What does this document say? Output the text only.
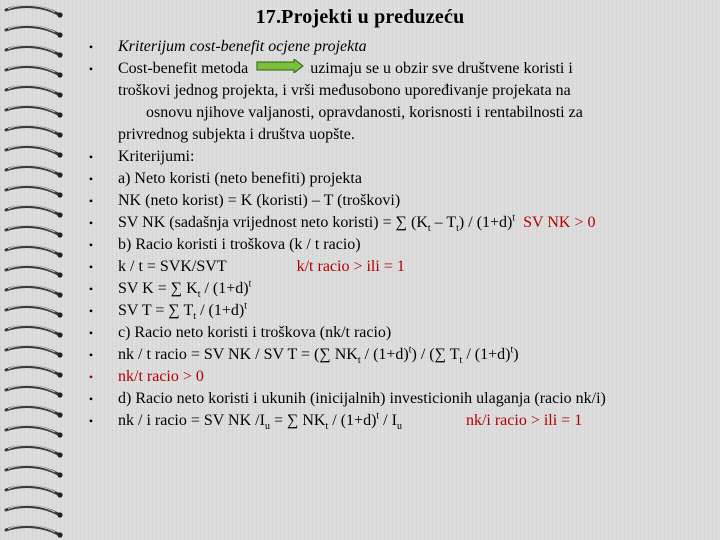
17.Projekti u preduzeću
•	Kriterijum cost-benefit ocjene projekta
•	Cost-benefit metoda	uzimaju se u obzir sve društvene koristi i
troškovi jednog projekta, i vrši međusobono upoređivanje projekata na
osnovu njihove valjanosti, opravdanosti, korisnosti i rentabilnosti za
privrednog subjekta i društva uopšte.
•	Kriterijumi:
•	a) Neto koristi (neto benefiti) projekta
•	NK (neto korist) = K (koristi) – T (troškovi)
•	SV NK (sadašnja vrijednost neto koristi) = ∑ $(K_t - T_t) / (1+d)^t$ SV NK > 0
•	b) Racio koristi i troškova (k / t racio)
•	k / t = SVK/SVT	k/t racio > ili = 1
•	SV K = ∑ $K_t / (1+d)^t$
•	SV T = ∑ $T_t / (1+d)^t$
•	c) Racio neto koristi i troškova (nk/t racio)
•	nk / t racio = SV NK / SV T = (∑ $NK_t / (1+d)^t$) / (∑ $T_t / (1+d)^t$)
•	nk/t racio > 0
•	d) Racio neto koristi i ukunih (inicijalnih) investicionih ulaganja (racio nk/i)
•	nk / i racio = SV NK $/I_u$ = ∑ $NK_t / (1+d)^t / I_u$	nk/i racio > ili = 1
